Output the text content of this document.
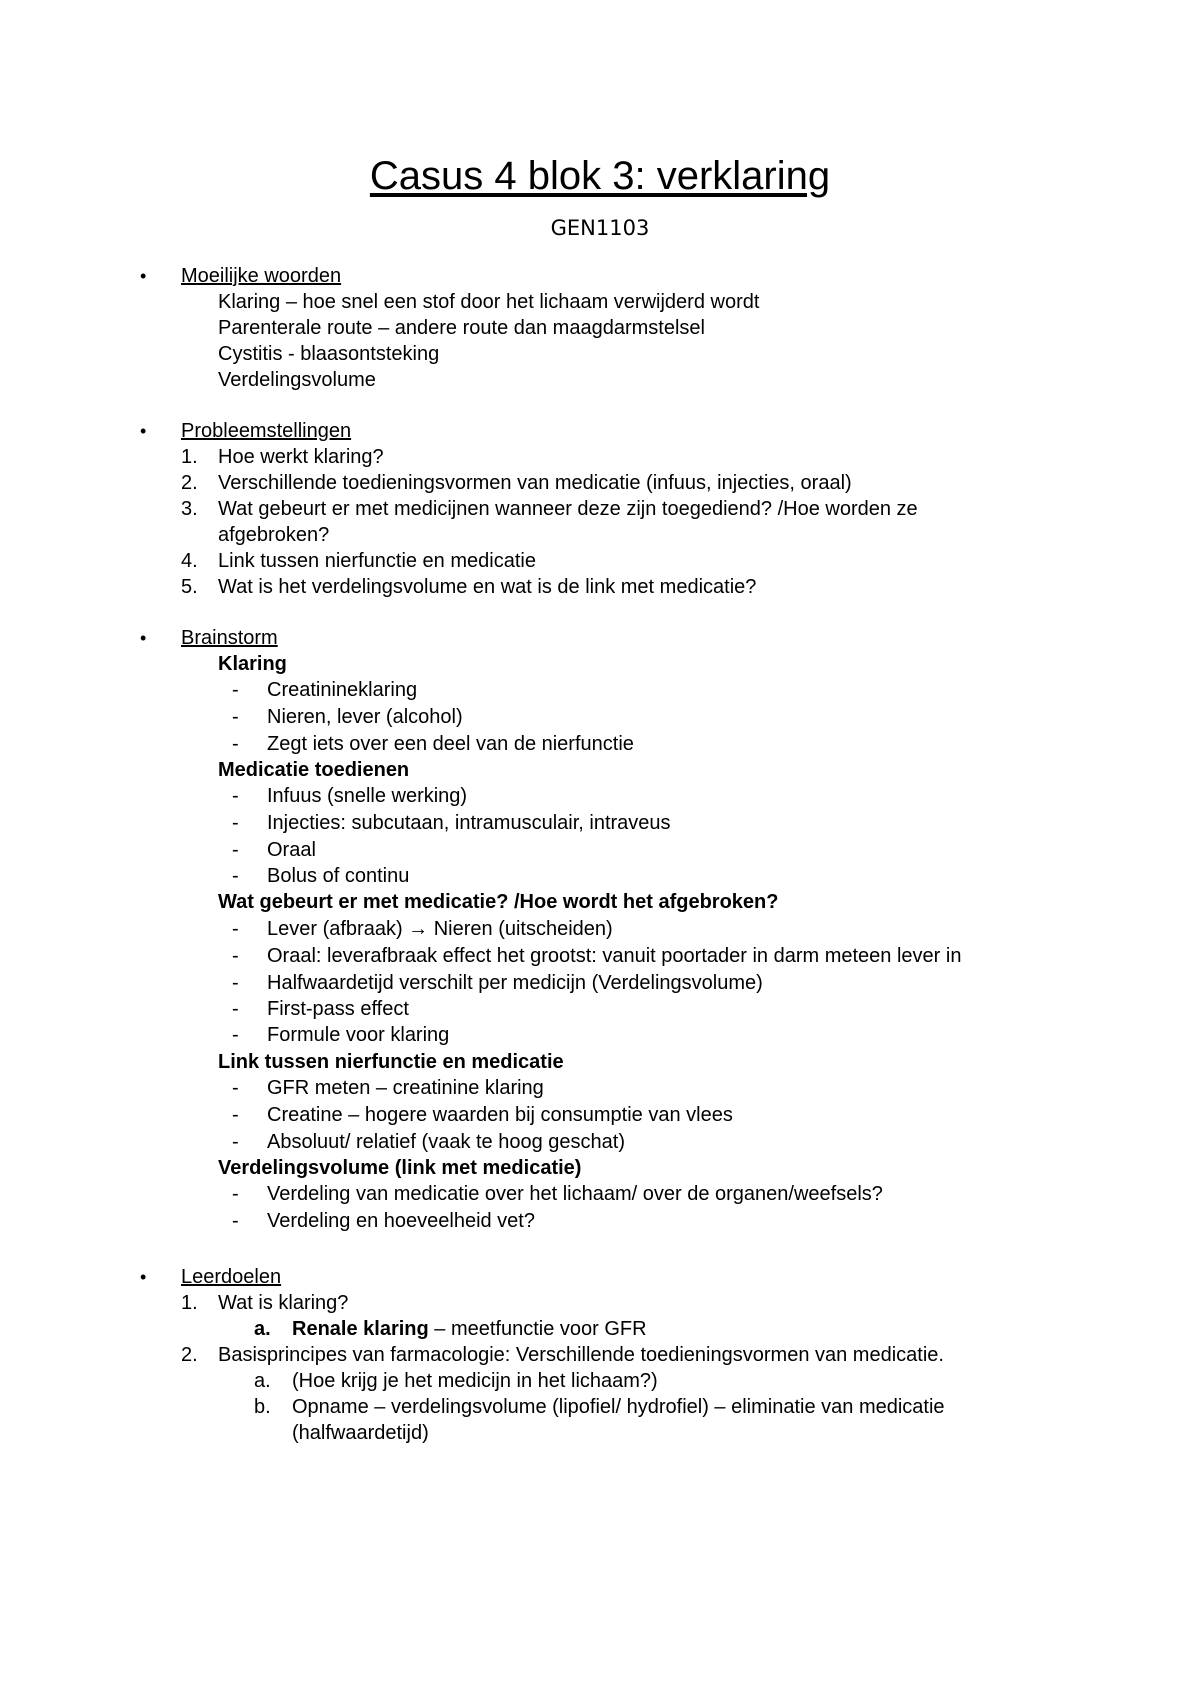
Casus 4 blok 3: verklaring
GEN1103
• Moeilijke woorden
Klaring – hoe snel een stof door het lichaam verwijderd wordt
Parenterale route – andere route dan maagdarmstelsel
Cystitis - blaasontsteking
Verdelingsvolume
• Probleemstellingen
1. Hoe werkt klaring?
2. Verschillende toedieningsvormen van medicatie (infuus, injecties, oraal)
3. Wat gebeurt er met medicijnen wanneer deze zijn toegediend? /Hoe worden ze
afgebroken?
4. Link tussen nierfunctie en medicatie
5. Wat is het verdelingsvolume en wat is de link met medicatie?
• Brainstorm
Klaring
- Creatinineklaring
- Nieren, lever (alcohol)
- Zegt iets over een deel van de nierfunctie
Medicatie toedienen
- Infuus (snelle werking)
- Injecties: subcutaan, intramusculair, intraveus
- Oraal
- Bolus of continu
Wat gebeurt er met medicatie? /Hoe wordt het afgebroken?
- Lever (afbraak) → Nieren (uitscheiden)
- Oraal: leverafbraak effect het grootst: vanuit poortader in darm meteen lever in
- Halfwaardetijd verschilt per medicijn (Verdelingsvolume)
- First-pass effect
- Formule voor klaring
Link tussen nierfunctie en medicatie
- GFR meten – creatinine klaring
- Creatine – hogere waarden bij consumptie van vlees
- Absoluut/ relatief (vaak te hoog geschat)
Verdelingsvolume (link met medicatie)
- Verdeling van medicatie over het lichaam/ over de organen/weefsels?
- Verdeling en hoeveelheid vet?
• Leerdoelen
1. Wat is klaring?
a. Renale klaring – meetfunctie voor GFR
2. Basisprincipes van farmacologie: Verschillende toedieningsvormen van medicatie.
a. (Hoe krijg je het medicijn in het lichaam?)
b. Opname – verdelingsvolume (lipofiel/ hydrofiel) – eliminatie van medicatie
(halfwaardetijd)
